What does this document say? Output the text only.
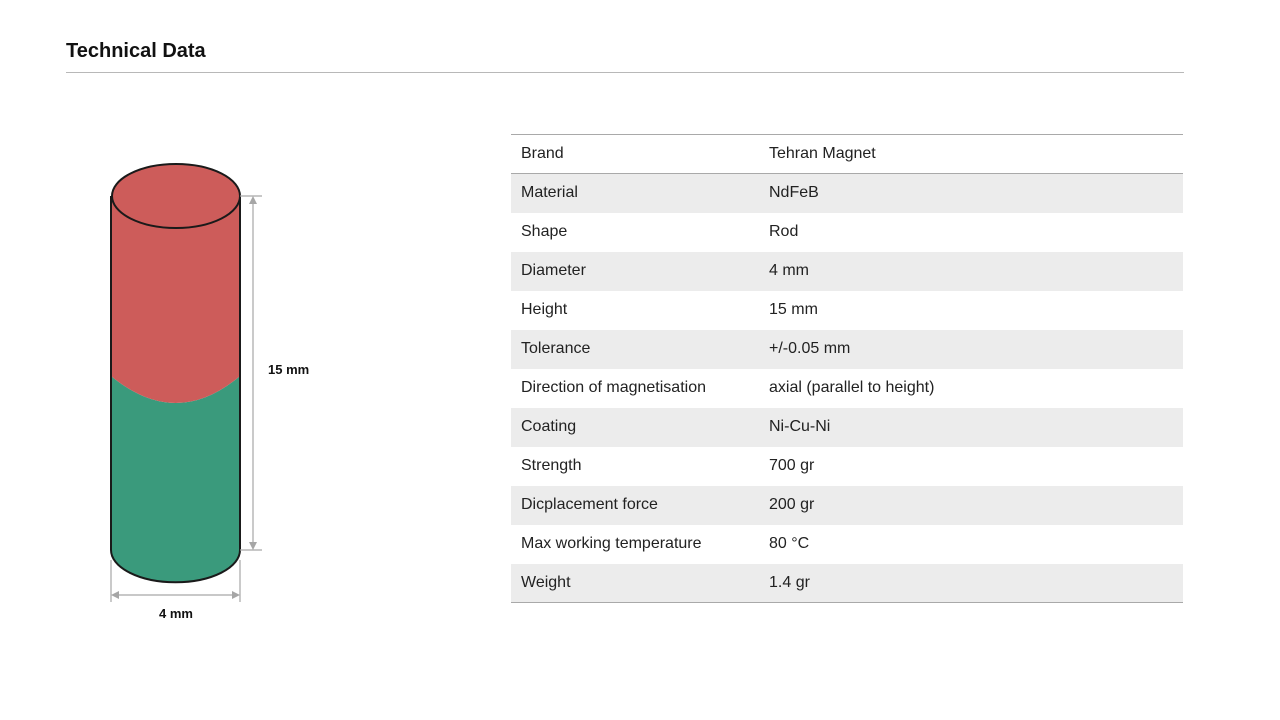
Technical Data
15 mm
4 mm
Brand	Tehran Magnet
Material	NdFeB
Shape	Rod
Diameter	4 mm
Height	15 mm
Tolerance	+/-0.05 mm
Direction of magnetisation	axial (parallel to height)
Coating	Ni-Cu-Ni
Strength	700 gr
Dicplacement force	200 gr
Max working temperature	80 °C
Weight	1.4 gr
